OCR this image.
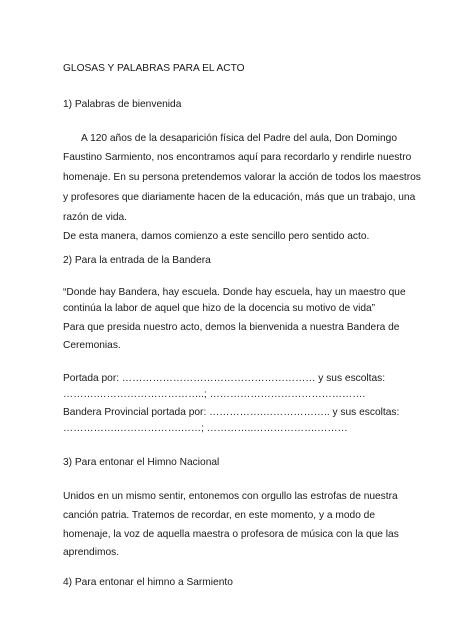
GLOSAS Y PALABRAS PARA EL ACTO
1) Palabras de bienvenida
A 120 años de la desaparición física del Padre del aula, Don Domingo
Faustino Sarmiento, nos encontramos aquí para recordarlo y rendirle nuestro
homenaje. En su persona pretendemos valorar la acción de todos los maestros
y profesores que diariamente hacen de la educación, más que un trabajo, una
razón de vida.
De esta manera, damos comienzo a este sencillo pero sentido acto.
2) Para la entrada de la Bandera
“Donde hay Bandera, hay escuela. Donde hay escuela, hay un maestro que
continúa la labor de aquel que hizo de la docencia su motivo de vida”
Para que presida nuestro acto, demos la bienvenida a nuestra Bandera de
Ceremonias.
Portada por: ………………………………………………… y sus escoltas:
……….…………………………..; ……………………………………….
Bandera Provincial portada por: …………….……………….. y sus escoltas:
…………….……………….……; …………..……………….………
3) Para entonar el Himno Nacional
Unidos en un mismo sentir, entonemos con orgullo las estrofas de nuestra
canción patria. Tratemos de recordar, en este momento, y a modo de
homenaje, la voz de aquella maestra o profesora de música con la que las
aprendimos.
4) Para entonar el himno a Sarmiento
